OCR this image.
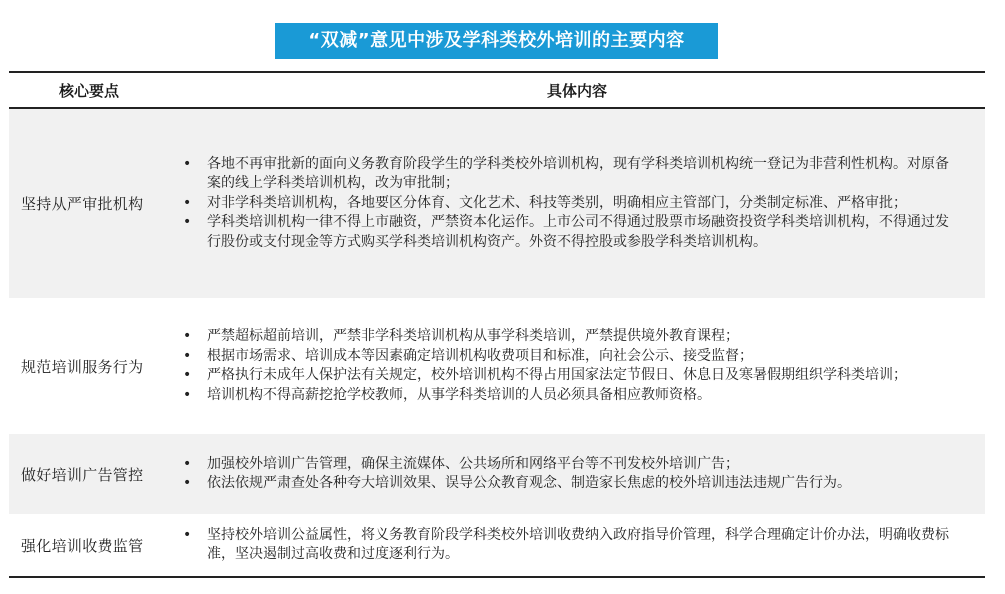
“双减”意见中涉及学科类校外培训的主要内容
核心要点	具体内容
坚持从严审批机构
• 各地不再审批新的面向义务教育阶段学生的学科类校外培训机构，现有学科类培训机构统一登记为非营利性机构。对原备案的线上学科类培训机构，改为审批制；
• 对非学科类培训机构，各地要区分体育、文化艺术、科技等类别，明确相应主管部门，分类制定标准、严格审批；
• 学科类培训机构一律不得上市融资，严禁资本化运作。上市公司不得通过股票市场融资投资学科类培训机构，不得通过发行股份或支付现金等方式购买学科类培训机构资产。外资不得控股或参股学科类培训机构。
规范培训服务行为
• 严禁超标超前培训，严禁非学科类培训机构从事学科类培训，严禁提供境外教育课程；
• 根据市场需求、培训成本等因素确定培训机构收费项目和标准，向社会公示、接受监督；
• 严格执行未成年人保护法有关规定，校外培训机构不得占用国家法定节假日、休息日及寒暑假期组织学科类培训；
• 培训机构不得高薪挖抢学校教师，从事学科类培训的人员必须具备相应教师资格。
做好培训广告管控
• 加强校外培训广告管理，确保主流媒体、公共场所和网络平台等不刊发校外培训广告；
• 依法依规严肃查处各种夸大培训效果、误导公众教育观念、制造家长焦虑的校外培训违法违规广告行为。
强化培训收费监管
• 坚持校外培训公益属性，将义务教育阶段学科类校外培训收费纳入政府指导价管理，科学合理确定计价办法，明确收费标准，坚决遏制过高收费和过度逐利行为。
